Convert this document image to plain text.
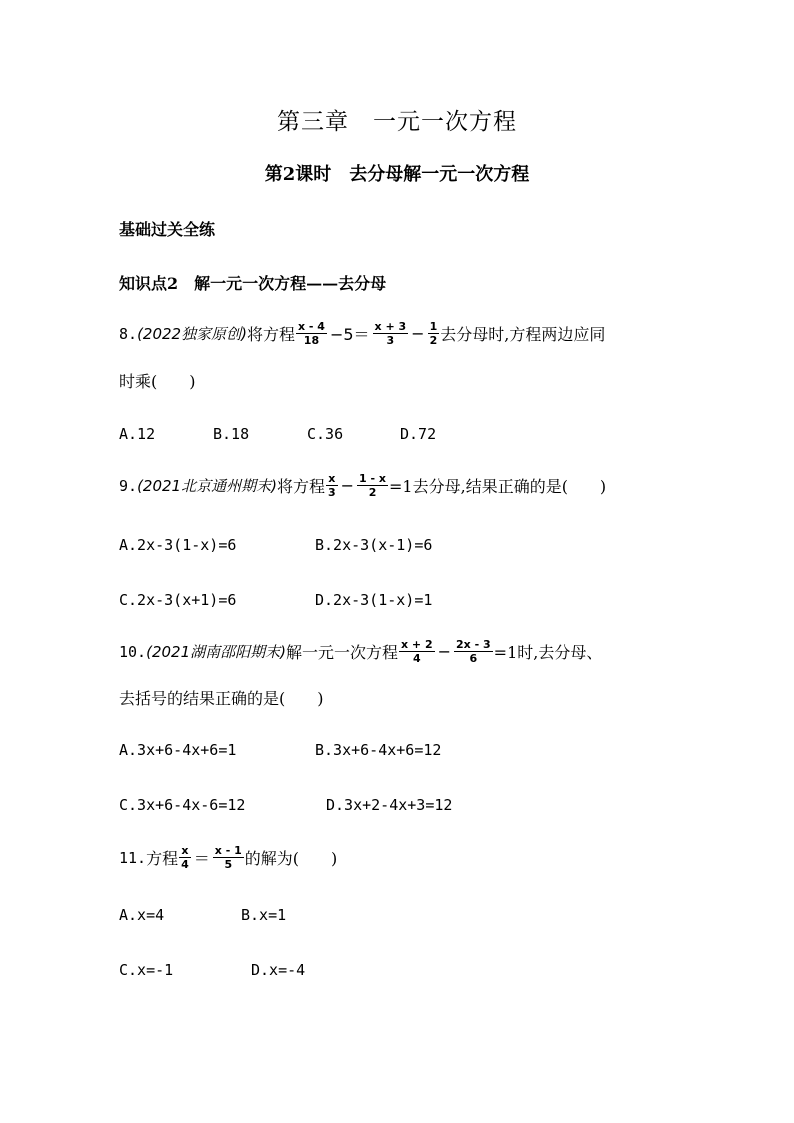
第三章　一元一次方程
第2课时　去分母解一元一次方程
基础过关全练
知识点2　解一元一次方程——去分母
8. (2022独家原创) 将方程 $\frac{x - 4}{18} -5= \frac{x + 3}{3} - \frac{1}{2}$ 去分母时,方程两边应同
时乘(　　)
A.12	B.18	C.36	D.72
9. (2021北京通州期末) 将方程 $\frac{x}{3} - \frac{1 - x}{2} =1$去分母,结果正确的是(　　)
A.2x-3(1-x)=6	B.2x-3(x-1)=6
C.2x-3(x+1)=6	D.2x-3(1-x)=1
10. (2021湖南邵阳期末) 解一元一次方程 $\frac{x + 2}{4} - \frac{2x - 3}{6} =1$时,去分母、
去括号的结果正确的是(　　)
A.3x+6-4x+6=1	B.3x+6-4x+6=12
C.3x+6-4x-6=12	D.3x+2-4x+3=12
11. 方程 $\frac{x}{4} = \frac{x - 1}{5}$ 的解为(　　)
A.x=4	B.x=1
C.x=-1	D.x=-4
